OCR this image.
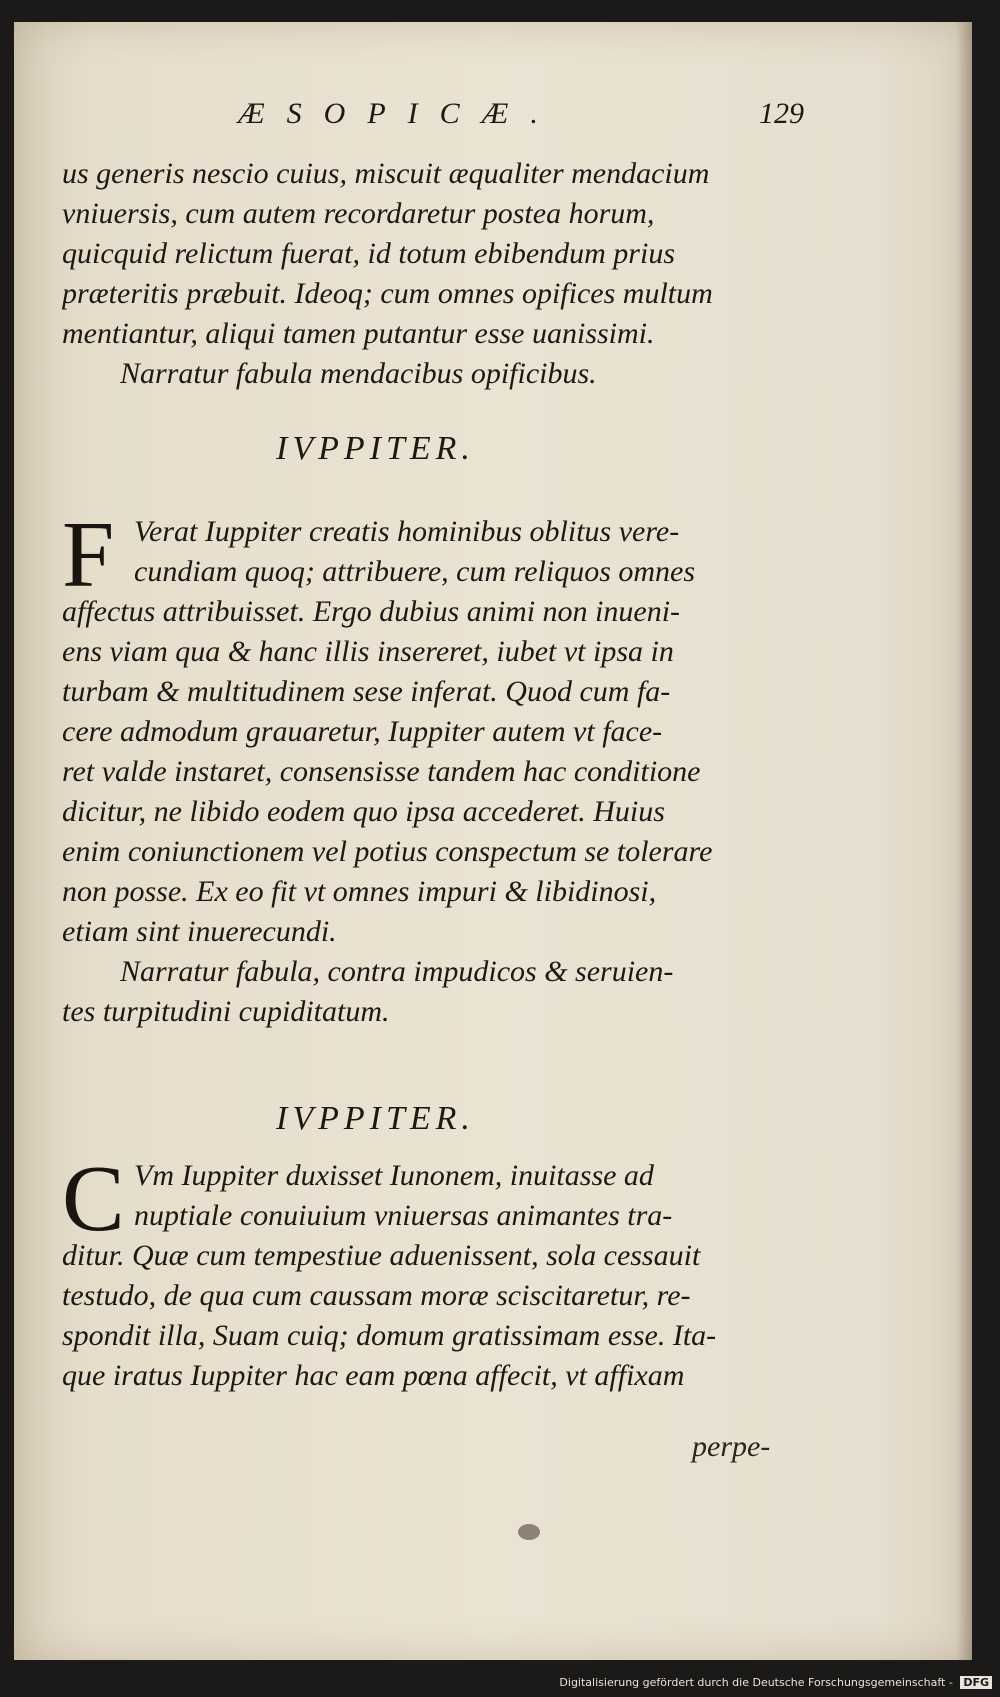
ÆSOPICÆ.	129
us generis nescio cuius, miscuit æqualiter mendacium
vniuersis, cum autem recordaretur postea horum,
quicquid relictum fuerat, id totum ebibendum prius
præteritis præbuit. Ideoq; cum omnes opifices multum
mentiantur, aliqui tamen putantur esse uanissimi.
Narratur fabula mendacibus opificibus.
IVPPITER.
F Verat Iuppiter creatis hominibus oblitus vere-
cundiam quoq; attribuere, cum reliquos omnes
affectus attribuisset. Ergo dubius animi non inueni-
ens viam qua & hanc illis insereret, iubet vt ipsa in
turbam & multitudinem sese inferat. Quod cum fa-
cere admodum grauaretur, Iuppiter autem vt face-
ret valde instaret, consensisse tandem hac conditione
dicitur, ne libido eodem quo ipsa accederet. Huius
enim coniunctionem vel potius conspectum se tolerare
non posse. Ex eo fit vt omnes impuri & libidinosi,
etiam sint inuerecundi.
Narratur fabula, contra impudicos & seruien-
tes turpitudini cupiditatum.
IVPPITER.
C Vm Iuppiter duxisset Iunonem, inuitasse ad
nuptiale conuiuium vniuersas animantes tra-
ditur. Quæ cum tempestiue aduenissent, sola cessauit
testudo, de qua cum caussam moræ sciscitaretur, re-
spondit illa, Suam cuiq; domum gratissimam esse. Ita-
que iratus Iuppiter hac eam pœna affecit, vt affixam
perpe-
Digitalisierung gefördert durch die Deutsche Forschungsgemeinschaft - DFG
